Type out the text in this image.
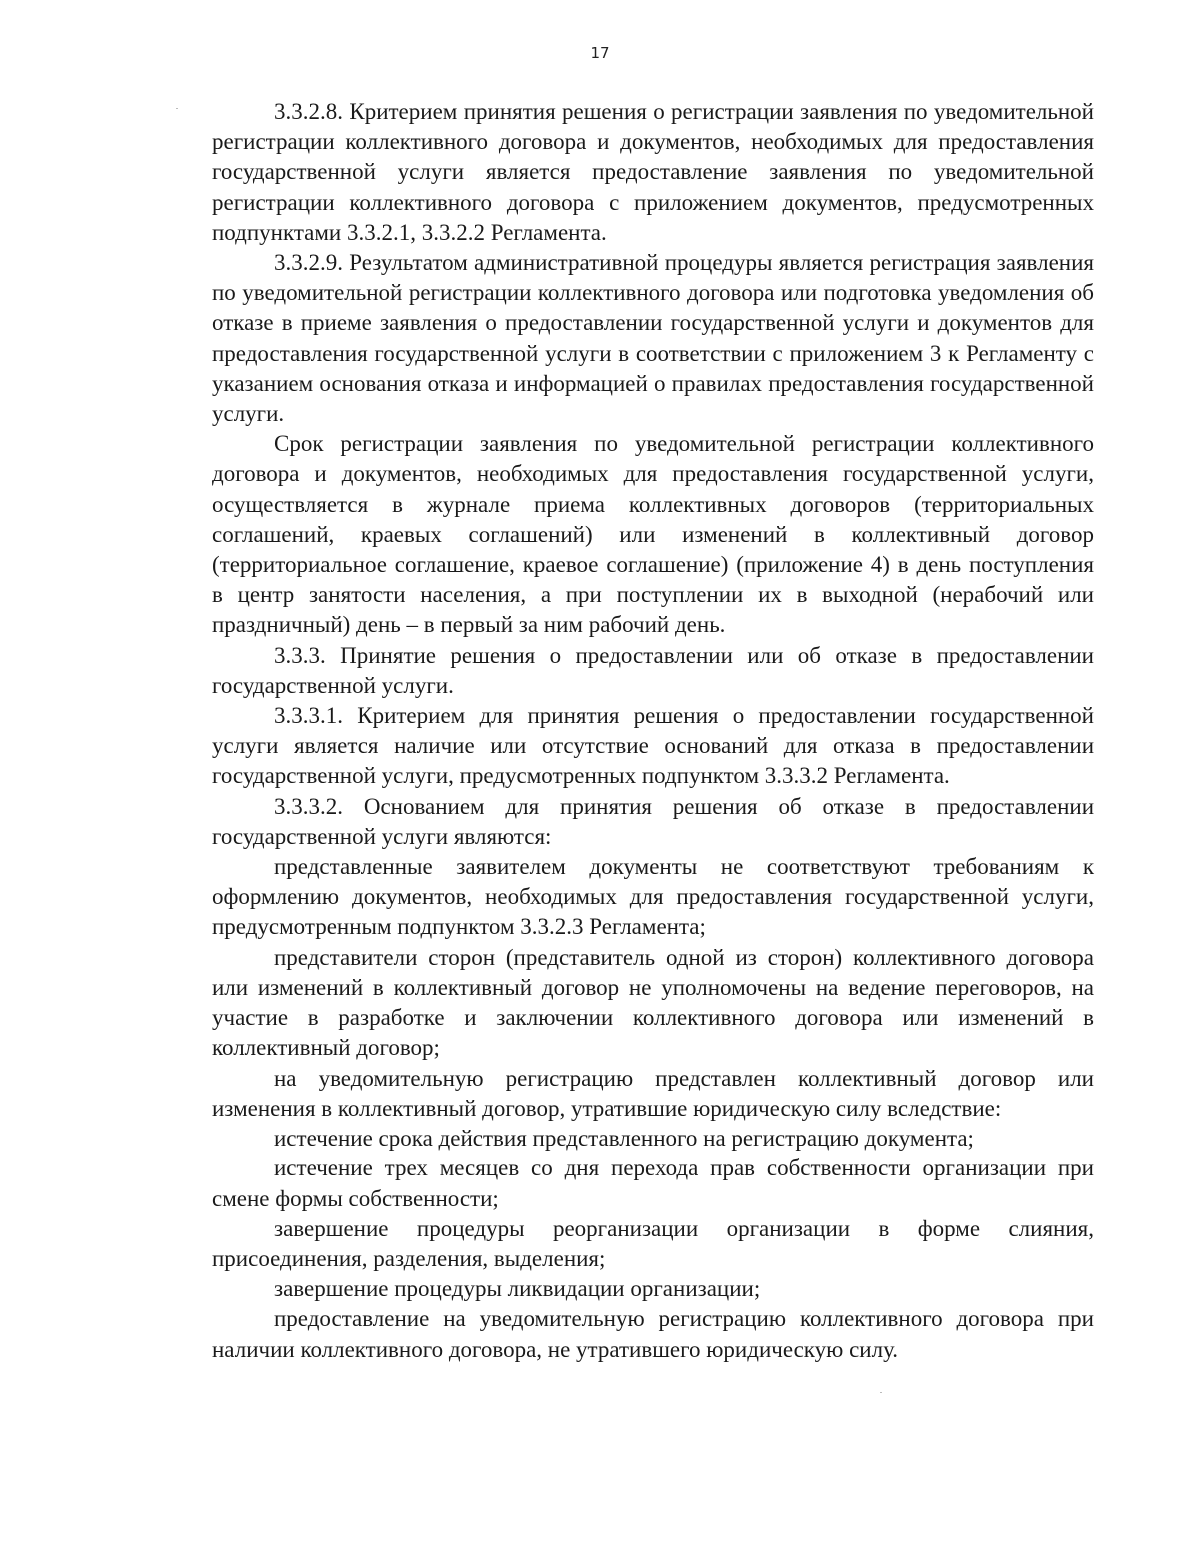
17

3.3.2.8. Критерием принятия решения о регистрации заявления по уведомительной регистрации коллективного договора и документов, необходимых для предоставления государственной услуги является предоставление заявления по уведомительной регистрации коллективного договора с приложением документов, предусмотренных подпунктами 3.3.2.1, 3.3.2.2 Регламента.

3.3.2.9. Результатом административной процедуры является регистрация заявления по уведомительной регистрации коллективного договора или подготовка уведомления об отказе в приеме заявления о предоставлении государственной услуги и документов для предоставления государственной услуги в соответствии с приложением 3 к Регламенту с указанием основания отказа и информацией о правилах предоставления государственной услуги.

Срок регистрации заявления по уведомительной регистрации коллективного договора и документов, необходимых для предоставления государственной услуги, осуществляется в журнале приема коллективных договоров (территориальных соглашений, краевых соглашений) или изменений в коллективный договор (территориальное соглашение, краевое соглашение) (приложение 4) в день поступления в центр занятости населения, а при поступлении их в выходной (нерабочий или праздничный) день – в первый за ним рабочий день.

3.3.3. Принятие решения о предоставлении или об отказе в предоставлении государственной услуги.

3.3.3.1. Критерием для принятия решения о предоставлении государственной услуги является наличие или отсутствие оснований для отказа в предоставлении государственной услуги, предусмотренных подпунктом 3.3.3.2 Регламента.

3.3.3.2. Основанием для принятия решения об отказе в предоставлении государственной услуги являются:

представленные заявителем документы не соответствуют требованиям к оформлению документов, необходимых для предоставления государственной услуги, предусмотренным подпунктом 3.3.2.3 Регламента;

представители сторон (представитель одной из сторон) коллективного договора или изменений в коллективный договор не уполномочены на ведение переговоров, на участие в разработке и заключении коллективного договора или изменений в коллективный договор;

на уведомительную регистрацию представлен коллективный договор или изменения в коллективный договор, утратившие юридическую силу вследствие:

истечение срока действия представленного на регистрацию документа;

истечение трех месяцев со дня перехода прав собственности организации при смене формы собственности;

завершение процедуры реорганизации организации в форме слияния, присоединения, разделения, выделения;

завершение процедуры ликвидации организации;

предоставление на уведомительную регистрацию коллективного договора при наличии коллективного договора, не утратившего юридическую силу.
